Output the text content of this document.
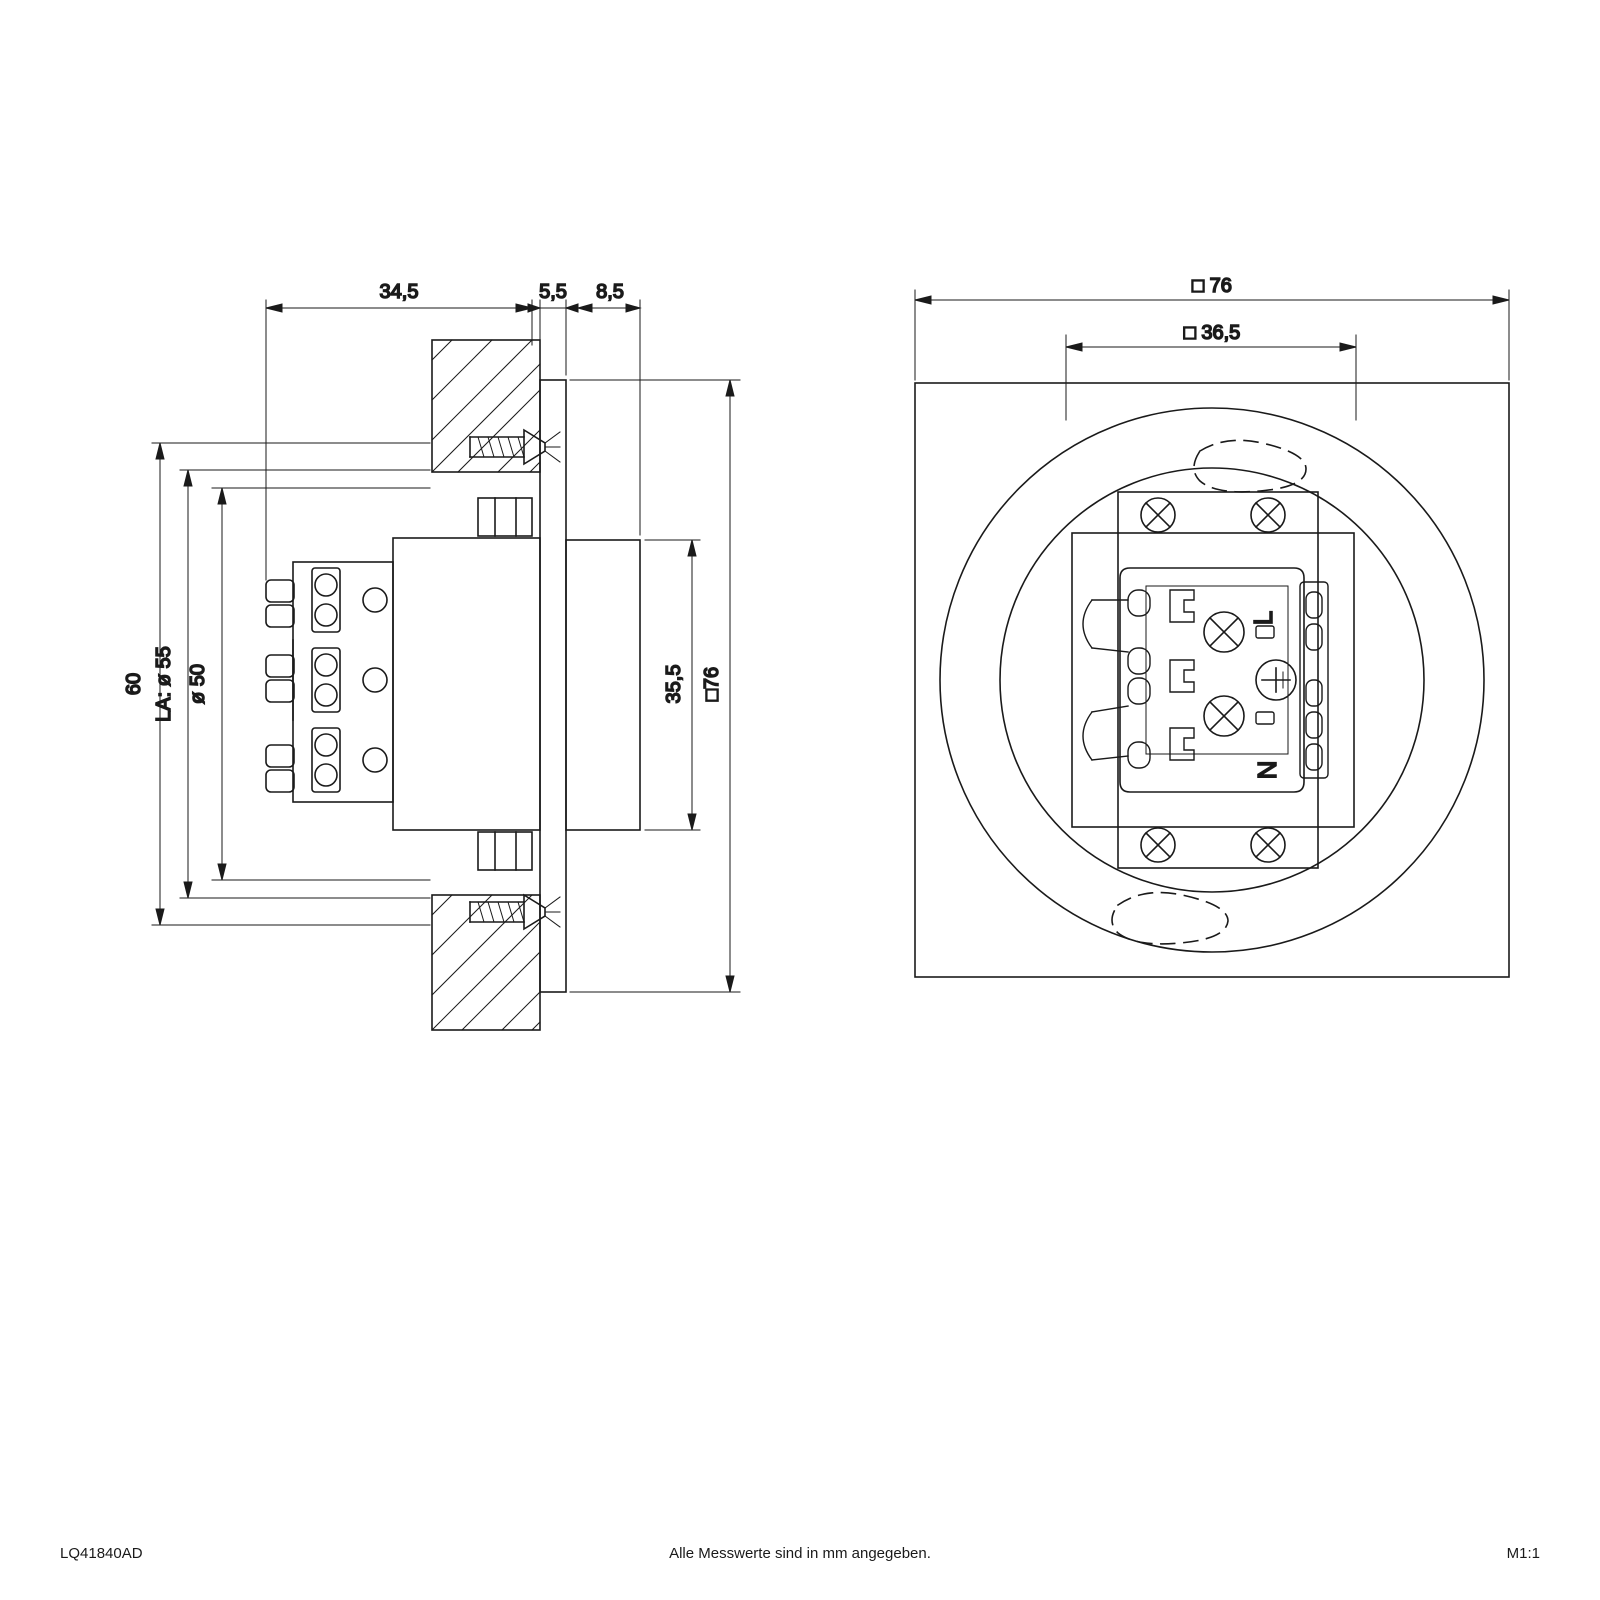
34,5	5,5 8,5
60 LA: ø 55 ø 50	35,5 □76
L
N
□ 76
□ 36,5
LQ41840AD	Alle Messwerte sind in mm angegeben.	M1:1
